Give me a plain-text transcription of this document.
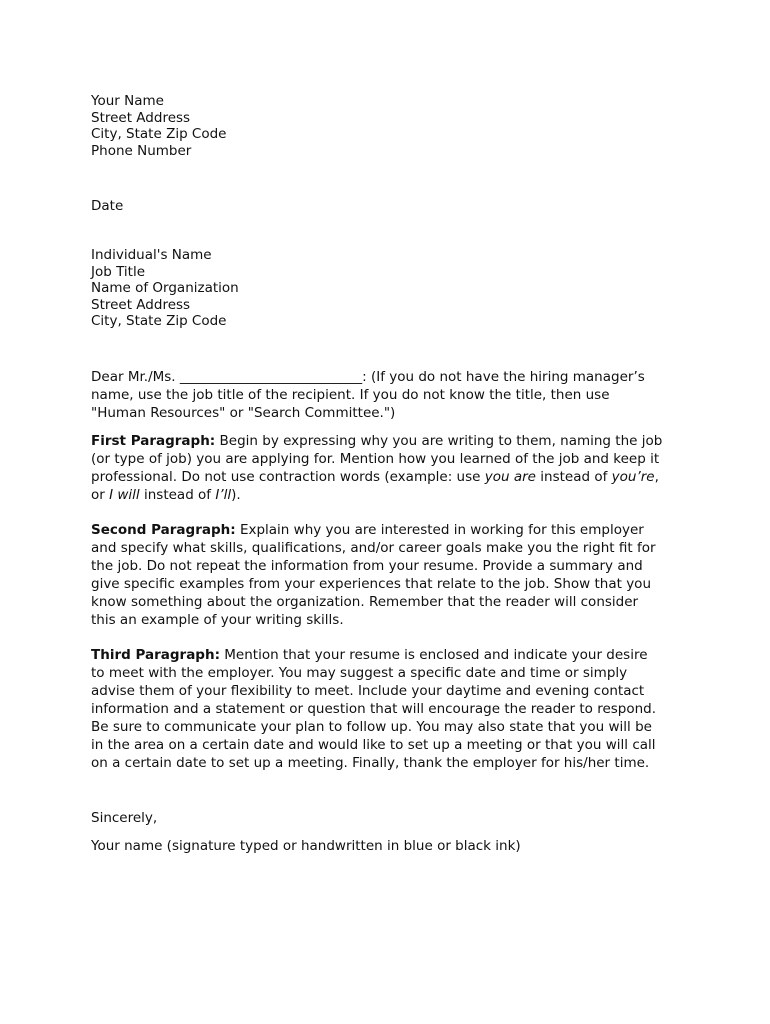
Your Name
Street Address
City, State Zip Code
Phone Number
Date
Individual's Name
Job Title
Name of Organization
Street Address
City, State Zip Code
Dear Mr./Ms. ___________________________: (If you do not have the hiring manager’s
name, use the job title of the recipient. If you do not know the title, then use
"Human Resources" or "Search Committee.")
First Paragraph: Begin by expressing why you are writing to them, naming the job
(or type of job) you are applying for. Mention how you learned of the job and keep it
professional. Do not use contraction words (example: use you are instead of you’re,
or I will instead of I’ll).
Second Paragraph: Explain why you are interested in working for this employer
and specify what skills, qualifications, and/or career goals make you the right fit for
the job. Do not repeat the information from your resume. Provide a summary and
give specific examples from your experiences that relate to the job. Show that you
know something about the organization. Remember that the reader will consider
this an example of your writing skills.
Third Paragraph: Mention that your resume is enclosed and indicate your desire
to meet with the employer. You may suggest a specific date and time or simply
advise them of your flexibility to meet. Include your daytime and evening contact
information and a statement or question that will encourage the reader to respond.
Be sure to communicate your plan to follow up. You may also state that you will be
in the area on a certain date and would like to set up a meeting or that you will call
on a certain date to set up a meeting. Finally, thank the employer for his/her time.
Sincerely,
Your name (signature typed or handwritten in blue or black ink)
